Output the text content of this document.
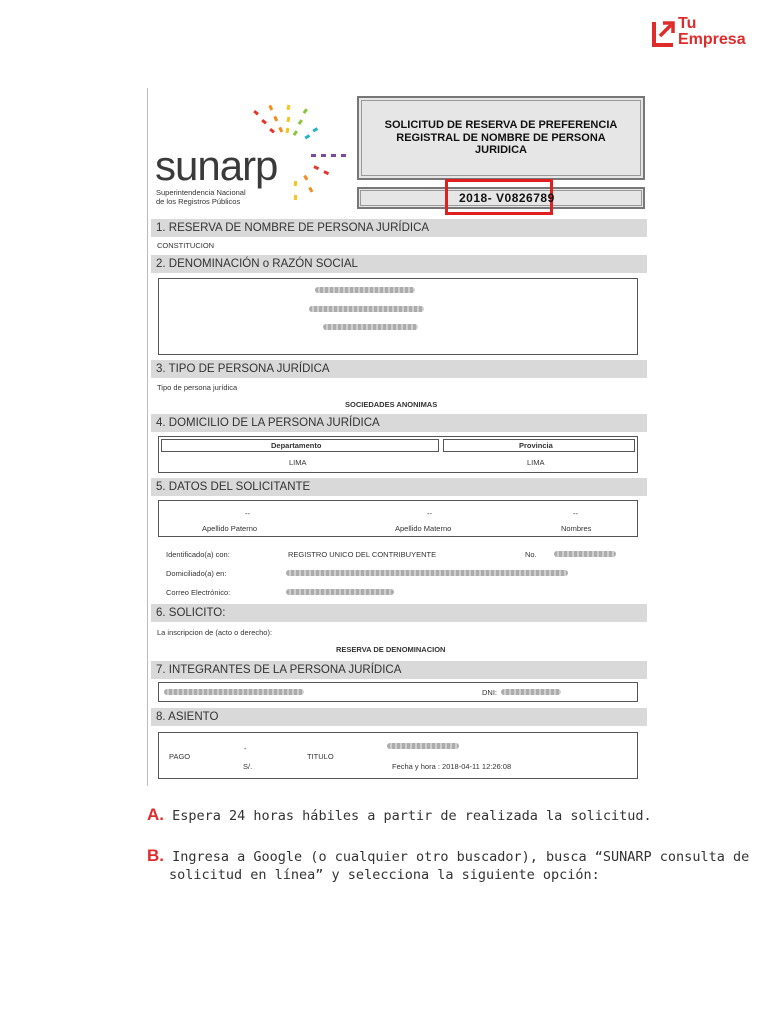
Tu
Empresa
sunarp
Superintendencia Nacional
de los Registros Públicos
SOLICITUD DE RESERVA DE PREFERENCIA REGISTRAL DE NOMBRE DE PERSONA JURIDICA
2018- V0826789
1. RESERVA DE NOMBRE DE PERSONA JURÍDICA
CONSTITUCION
2. DENOMINACIÓN o RAZÓN SOCIAL
3. TIPO DE PERSONA JURÍDICA
Tipo de persona jurídica
SOCIEDADES ANONIMAS
4. DOMICILIO DE LA PERSONA JURÍDICA
Departamento	Provincia
LIMA	LIMA
5. DATOS DEL SOLICITANTE
--	--	--
Apellido Paterno	Apellido Materno	Nombres
Identificado(a) con:	REGISTRO UNICO DEL CONTRIBUYENTE	No.
Domiciliado(a) en:
Correo Electrónico:
6. SOLICITO:
La inscripcion de (acto o derecho):
RESERVA DE DENOMINACION
7. INTEGRANTES DE LA PERSONA JURÍDICA
DNI:
8. ASIENTO
PAGO
-
S/.
TITULO
Fecha y hora : 2018-04-11 12:26:08
A. Espera 24 horas hábiles a partir de realizada la solicitud.
B. Ingresa a Google (o cualquier otro buscador), busca “SUNARP consulta de
solicitud en línea” y selecciona la siguiente opción:
